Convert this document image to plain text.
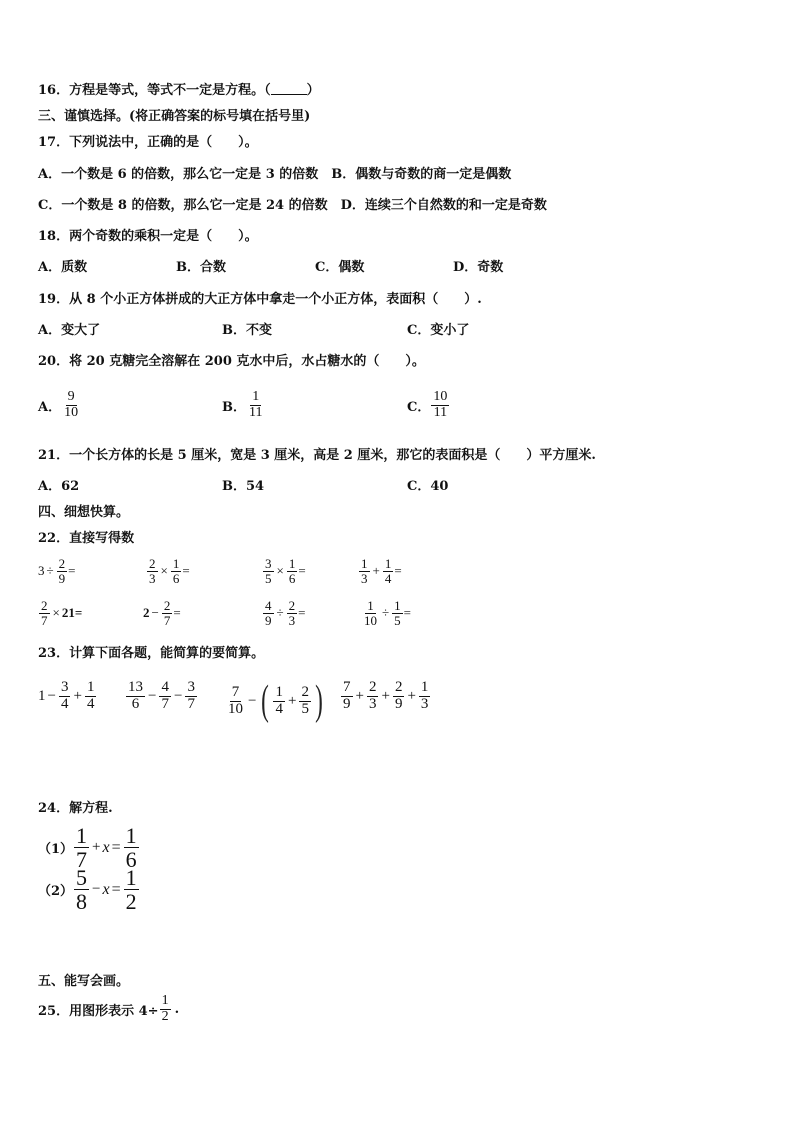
16．方程是等式，等式不一定是方程。（	）
三、谨慎选择。(将正确答案的标号填在括号里)
17．下列说法中，正确的是（　　）。
A．一个数是 6 的倍数，那么它一定是 3 的倍数　B．偶数与奇数的商一定是偶数
C．一个数是 8 的倍数，那么它一定是 24 的倍数　D．连续三个自然数的和一定是奇数
18．两个奇数的乘积一定是（　　）。
A．质数	B．合数	C．偶数	D．奇数
19．从 8 个小正方体拼成的大正方体中拿走一个小正方体，表面积（　　）.
A．变大了	B．不变	C．变小了
20．将 20 克糖完全溶解在 200 克水中后，水占糖水的（　　）。
A． $\frac{9}{10}$	B． $\frac{1}{11}$	C． $\frac{10}{11}$
21．一个长方体的长是 5 厘米，宽是 3 厘米，高是 2 厘米，那它的表面积是（　　）平方厘米.
A．62	B．54	C．40
四、细想快算。
22．直接写得数
$3 \div \frac{2}{9}$ =	$\frac{2}{3} \times \frac{1}{6}$ =	$\frac{3}{5} \times \frac{1}{6}$ =	$\frac{1}{3} + \frac{1}{4}$ =
$\frac{2}{7} \times 21=$	$2 - \frac{2}{7}$ =	$\frac{4}{9} \div \frac{2}{3}$ =	$\frac{1}{10} \div \frac{1}{5}$ =
23．计算下面各题，能简算的要简算。
$1 - \frac{3}{4} + \frac{1}{4} \frac{13}{6} - \frac{4}{7} - \frac{3}{7} \frac{7}{10}$ − ( $\frac{1}{4} + \frac{2}{5}$ ) $\frac{7}{9} + \frac{2}{3} + \frac{2}{9} + \frac{1}{3}$
24．解方程.
$(1) \frac{1}{7} + x = \frac{1}{6}$
$(2) \frac{5}{8} - x = \frac{1}{2}$
五、能写会画。
25．用图形表示 $4\div \frac{1}{2}$ .
